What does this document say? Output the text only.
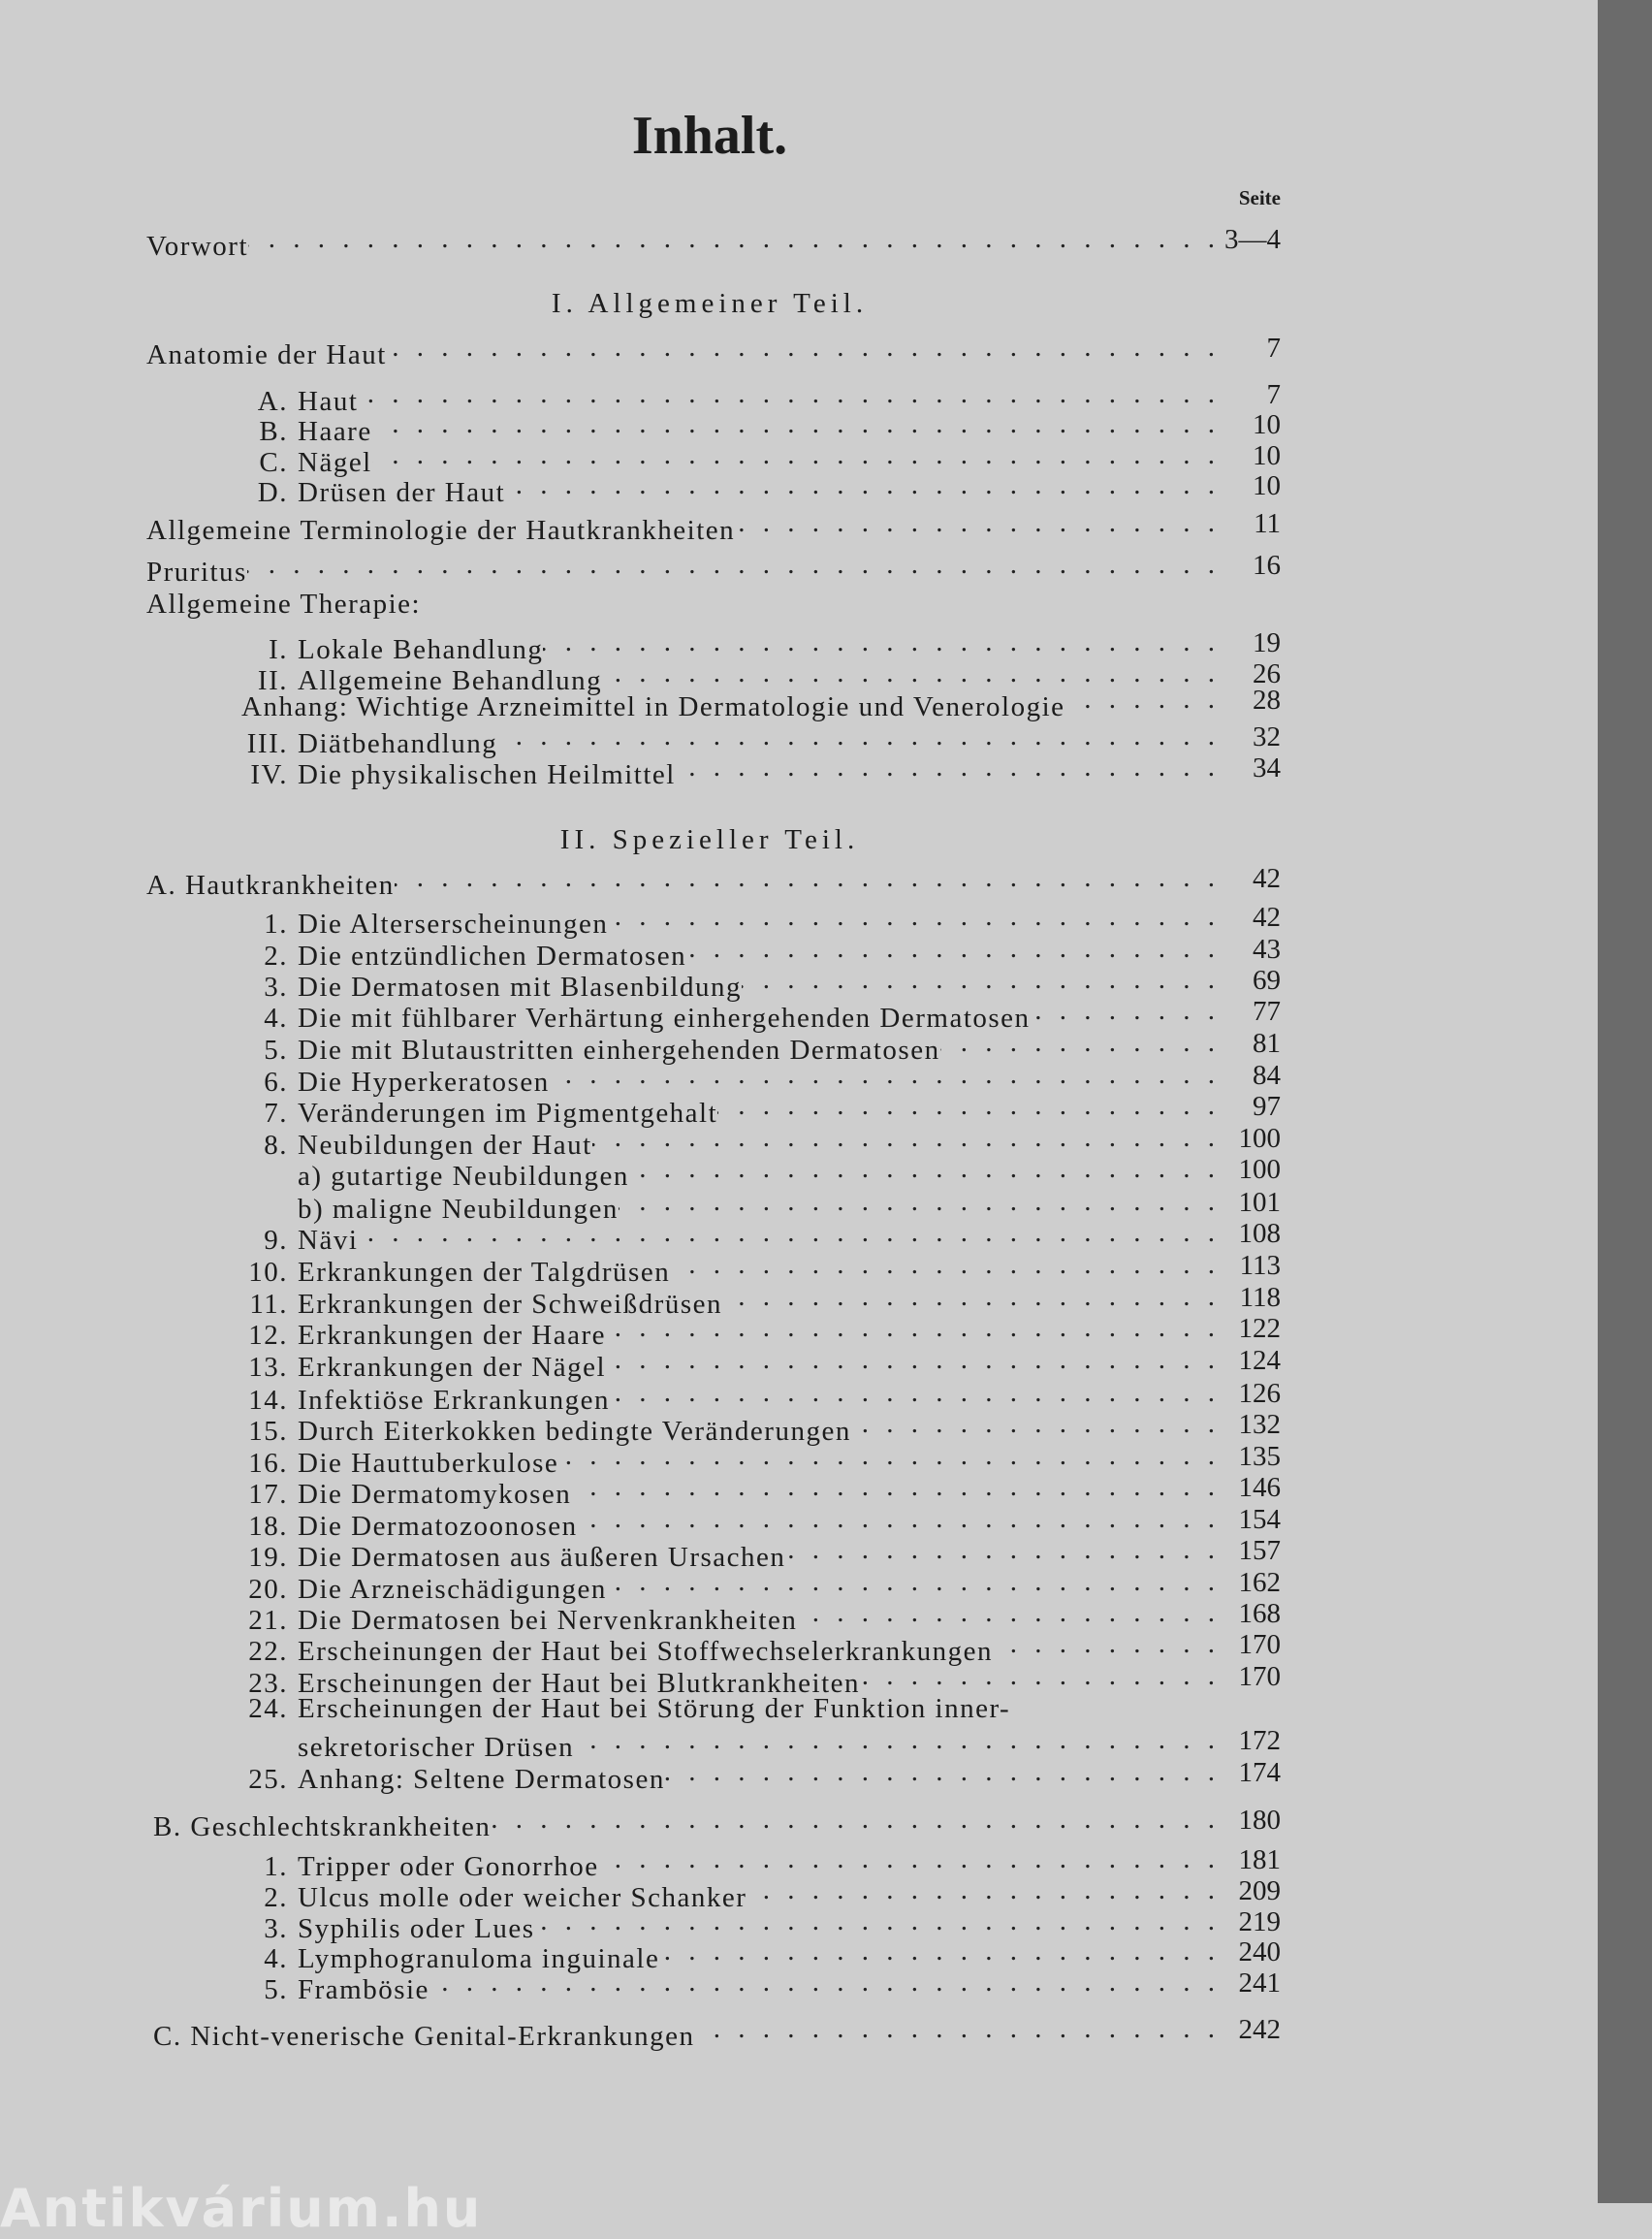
Inhalt.
Seite
I. Allgemeiner Teil.
II. Spezieller Teil.
Vorwort . . .	3—4
Anatomie der Haut . . .	7
A. Haut . . .	7
B. Haare . . .	10
C. Nägel . . .	10
D. Drüsen der Haut . . .	10
Allgemeine Terminologie der Hautkrankheiten . . .	11
Pruritus . . .	16
Allgemeine Therapie:
I. Lokale Behandlung . . .	19
II. Allgemeine Behandlung . . .	26
Anhang: Wichtige Arzneimittel in Dermatologie und Venerologie . . .	28
III. Diätbehandlung . . .	32
IV. Die physikalischen Heilmittel . . .	34
A. Hautkrankheiten . . .	42
1. Die Alterserscheinungen . . .	42
2. Die entzündlichen Dermatosen . . .	43
3. Die Dermatosen mit Blasenbildung . . .	69
4. Die mit fühlbarer Verhärtung einhergehenden Dermatosen . . .	77
5. Die mit Blutaustritten einhergehenden Dermatosen . . .	81
6. Die Hyperkeratosen . . .	84
7. Veränderungen im Pigmentgehalt . . .	97
8. Neubildungen der Haut . . .	100
a) gutartige Neubildungen . . .	100
b) maligne Neubildungen . . .	101
9. Nävi . . .	108
10. Erkrankungen der Talgdrüsen . . .	113
11. Erkrankungen der Schweißdrüsen . . .	118
12. Erkrankungen der Haare . . .	122
13. Erkrankungen der Nägel . . .	124
14. Infektiöse Erkrankungen . . .	126
15. Durch Eiterkokken bedingte Veränderungen . . .	132
16. Die Hauttuberkulose . . .	135
17. Die Dermatomykosen . . .	146
18. Die Dermatozoonosen . . .	154
19. Die Dermatosen aus äußeren Ursachen . . .	157
20. Die Arzneischädigungen . . .	162
21. Die Dermatosen bei Nervenkrankheiten . . .	168
22. Erscheinungen der Haut bei Stoffwechselerkrankungen . . .	170
23. Erscheinungen der Haut bei Blutkrankheiten . . .	170
24. Erscheinungen der Haut bei Störung der Funktion inner-
sekretorischer Drüsen . . .	172
25. Anhang: Seltene Dermatosen . . .	174
B. Geschlechtskrankheiten . . .	180
1. Tripper oder Gonorrhoe . . .	181
2. Ulcus molle oder weicher Schanker . . .	209
3. Syphilis oder Lues . . .	219
4. Lymphogranuloma inguinale . . .	240
5. Frambösie . . .	241
C. Nicht-venerische Genital-Erkrankungen . . .	242
Antikvárium.hu
